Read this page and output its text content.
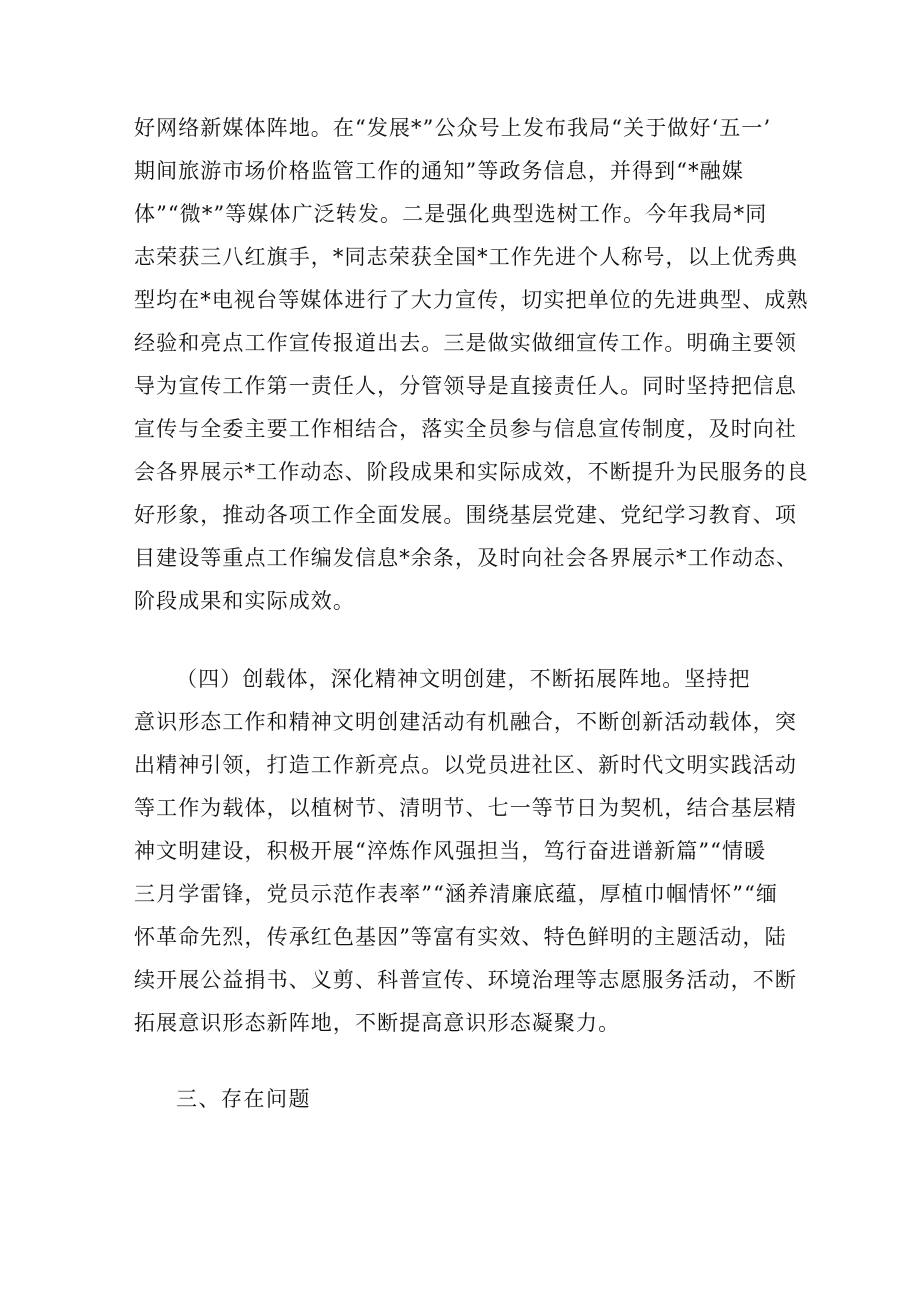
好网络新媒体阵地。在“发展*”公众号上发布我局“关于做好‘五一’
期间旅游市场价格监管工作的通知”等政务信息，并得到“*融媒
体”“微*”等媒体广泛转发。二是强化典型选树工作。今年我局*同
志荣获三八红旗手，*同志荣获全国*工作先进个人称号，以上优秀典
型均在*电视台等媒体进行了大力宣传，切实把单位的先进典型、成熟
经验和亮点工作宣传报道出去。三是做实做细宣传工作。明确主要领
导为宣传工作第一责任人，分管领导是直接责任人。同时坚持把信息
宣传与全委主要工作相结合，落实全员参与信息宣传制度，及时向社
会各界展示*工作动态、阶段成果和实际成效，不断提升为民服务的良
好形象，推动各项工作全面发展。围绕基层党建、党纪学习教育、项
目建设等重点工作编发信息*余条，及时向社会各界展示*工作动态、
阶段成果和实际成效。
（四）创载体，深化精神文明创建，不断拓展阵地。坚持把
意识形态工作和精神文明创建活动有机融合，不断创新活动载体，突
出精神引领，打造工作新亮点。以党员进社区、新时代文明实践活动
等工作为载体，以植树节、清明节、七一等节日为契机，结合基层精
神文明建设，积极开展“淬炼作风强担当，笃行奋进谱新篇”“情暖
三月学雷锋，党员示范作表率”“涵养清廉底蕴，厚植巾帼情怀”“缅
怀革命先烈，传承红色基因”等富有实效、特色鲜明的主题活动，陆
续开展公益捐书、义剪、科普宣传、环境治理等志愿服务活动，不断
拓展意识形态新阵地，不断提高意识形态凝聚力。
三、存在问题
